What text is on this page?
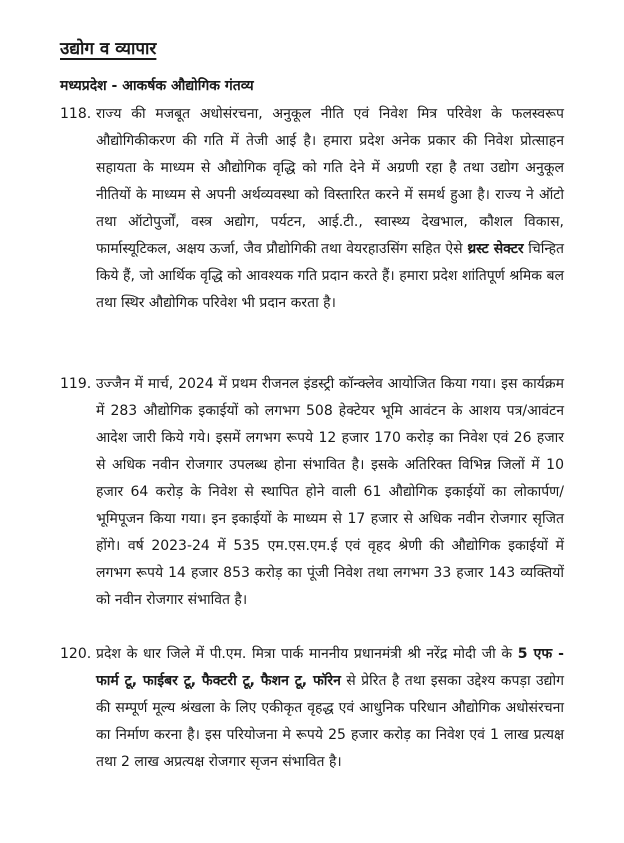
उद्योग व व्यापार
मध्यप्रदेश - आकर्षक औद्योगिक गंतव्य
118. राज्य की मजबूत अधोसंरचना, अनुकूल नीति एवं निवेश मित्र परिवेश के फलस्वरूप औद्योगिकीकरण की गति में तेजी आई है। हमारा प्रदेश अनेक प्रकार की निवेश प्रोत्साहन सहायता के माध्यम से औद्योगिक वृद्धि को गति देने में अग्रणी रहा है तथा उद्योग अनुकूल नीतियों के माध्यम से अपनी अर्थव्यवस्था को विस्तारित करने में समर्थ हुआ है। राज्य ने ऑटो तथा ऑटोपुर्जों, वस्त्र अद्योग, पर्यटन, आई.टी., स्वास्थ्य देखभाल, कौशल विकास, फार्मास्यूटिकल, अक्षय ऊर्जा, जैव प्रौद्योगिकी तथा वेयरहाउसिंग सहित ऐसे थ्रस्ट सेक्टर चिन्हित किये हैं, जो आर्थिक वृद्धि को आवश्यक गति प्रदान करते हैं। हमारा प्रदेश शांतिपूर्ण श्रमिक बल तथा स्थिर औद्योगिक परिवेश भी प्रदान करता है।
119. उज्जैन में मार्च, 2024 में प्रथम रीजनल इंडस्ट्री कॉन्क्लेव आयोजित किया गया। इस कार्यक्रम में 283 औद्योगिक इकाईयों को लगभग 508 हेक्टेयर भूमि आवंटन के आशय पत्र/आवंटन आदेश जारी किये गये। इसमें लगभग रूपये 12 हजार 170 करोड़ का निवेश एवं 26 हजार से अधिक नवीन रोजगार उपलब्ध होना संभावित है। इसके अतिरिक्त विभिन्न जिलों में 10 हजार 64 करोड़ के निवेश से स्थापित होने वाली 61 औद्योगिक इकाईयों का लोकार्पण/भूमिपूजन किया गया। इन इकाईयों के माध्यम से 17 हजार से अधिक नवीन रोजगार सृजित होंगे। वर्ष 2023-24 में 535 एम.एस.एम.ई एवं वृहद श्रेणी की औद्योगिक इकाईयों में लगभग रूपये 14 हजार 853 करोड़ का पूंजी निवेश तथा लगभग 33 हजार 143 व्यक्तियों को नवीन रोजगार संभावित है।
120. प्रदेश के धार जिले में पी.एम. मित्रा पार्क माननीय प्रधानमंत्री श्री नरेंद्र मोदी जी के 5 एफ - फार्म टू, फाईबर टू, फैक्टरी टू, फैशन टू, फॉरेन से प्रेरित है तथा इसका उद्देश्य कपड़ा उद्योग की सम्पूर्ण मूल्य श्रंखला के लिए एकीकृत वृहद्ध एवं आधुनिक परिधान औद्योगिक अधोसंरचना का निर्माण करना है। इस परियोजना मे रूपये 25 हजार करोड़ का निवेश एवं 1 लाख प्रत्यक्ष तथा 2 लाख अप्रत्यक्ष रोजगार सृजन संभावित है।
